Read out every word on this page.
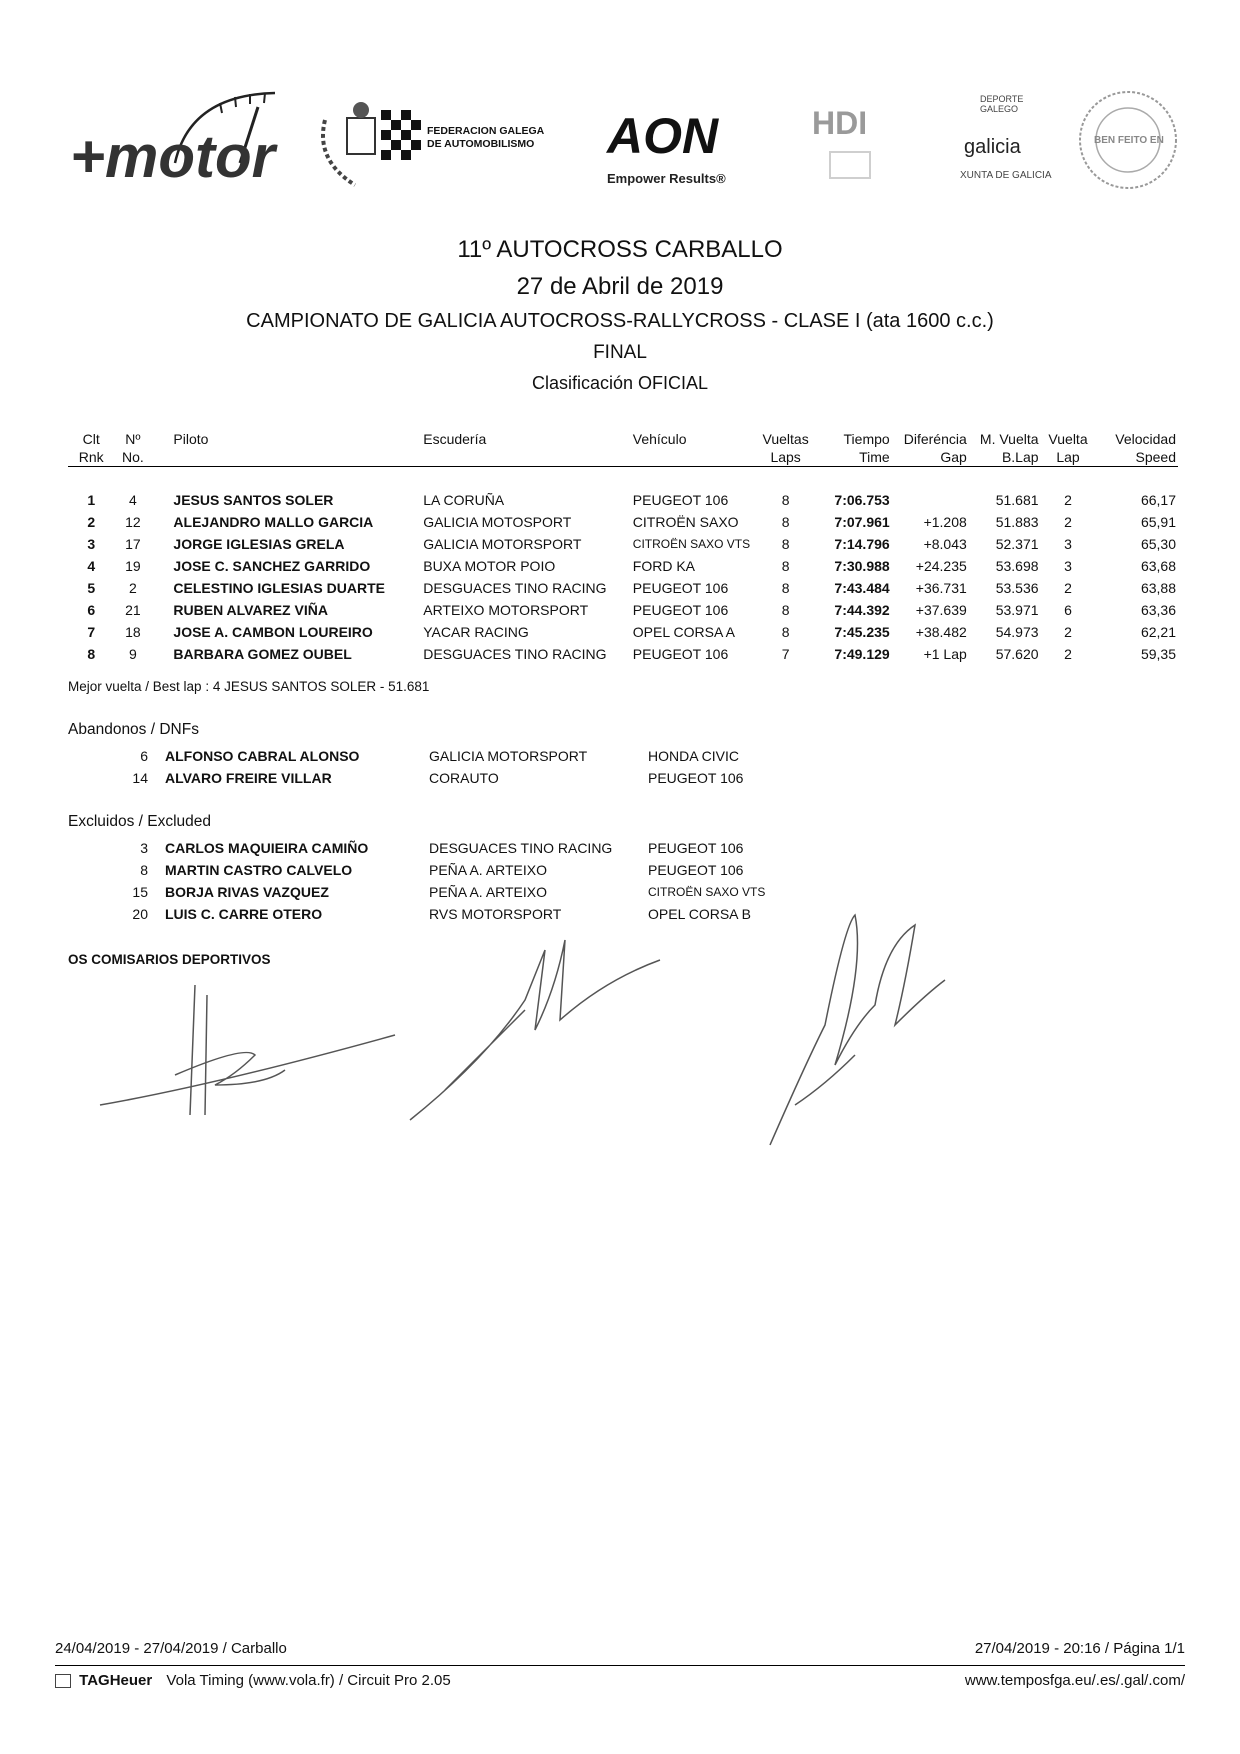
+motor	FEDERACION GALEGA
DE AUTOMOBILISMO AON
Empower Results®
HDI
DEPORTE
GALEGO
galicia
XUNTA DE GALICIA
BEN FEITO EN
11º AUTOCROSS CARBALLO
27 de Abril de 2019
CAMPIONATO DE GALICIA AUTOCROSS-RALLYCROSS - CLASE I (ata 1600 c.c.)
FINAL
Clasificación OFICIAL
Clt	Nº	Piloto	Escudería	Vehículo	Vueltas	Tiempo	Diferéncia	M. Vuelta	Vuelta	Velocidad
Rnk	No.				Laps	Time	Gap	B.Lap	Lap	Speed

1	4	JESUS SANTOS SOLER	LA CORUÑA	PEUGEOT 106	8	7:06.753		51.681	2	66,17
2	12	ALEJANDRO MALLO GARCIA	GALICIA MOTOSPORT	CITROËN SAXO	8	7:07.961	+1.208	51.883	2	65,91
3	17	JORGE IGLESIAS GRELA	GALICIA MOTORSPORT	CITROËN SAXO VTS	8	7:14.796	+8.043	52.371	3	65,30
4	19	JOSE C. SANCHEZ GARRIDO	BUXA MOTOR POIO	FORD KA	8	7:30.988	+24.235	53.698	3	63,68
5	2	CELESTINO IGLESIAS DUARTE	DESGUACES TINO RACING	PEUGEOT 106	8	7:43.484	+36.731	53.536	2	63,88
6	21	RUBEN ALVAREZ VIÑA	ARTEIXO MOTORSPORT	PEUGEOT 106	8	7:44.392	+37.639	53.971	6	63,36
7	18	JOSE A. CAMBON LOUREIRO	YACAR RACING	OPEL CORSA A	8	7:45.235	+38.482	54.973	2	62,21
8	9	BARBARA GOMEZ OUBEL	DESGUACES TINO RACING	PEUGEOT 106	7	7:49.129	+1 Lap	57.620	2	59,35
Mejor vuelta / Best lap : 4 JESUS SANTOS SOLER - 51.681
Abandonos / DNFs
6	ALFONSO CABRAL ALONSO	GALICIA MOTORSPORT	HONDA CIVIC
14	ALVARO FREIRE VILLAR	CORAUTO	PEUGEOT 106
Excluidos / Excluded
3	CARLOS MAQUIEIRA CAMIÑO	DESGUACES TINO RACING	PEUGEOT 106
8	MARTIN CASTRO CALVELO	PEÑA A. ARTEIXO	PEUGEOT 106
15	BORJA RIVAS VAZQUEZ	PEÑA A. ARTEIXO	CITROËN SAXO VTS
20	LUIS C. CARRE OTERO	RVS MOTORSPORT	OPEL CORSA B
OS COMISARIOS DEPORTIVOS
24/04/2019 - 27/04/2019 / Carballo	27/04/2019 - 20:16 / Página 1/1
TAGHeuer Vola Timing (www.vola.fr) / Circuit Pro 2.05	www.temposfga.eu/.es/.gal/.com/
